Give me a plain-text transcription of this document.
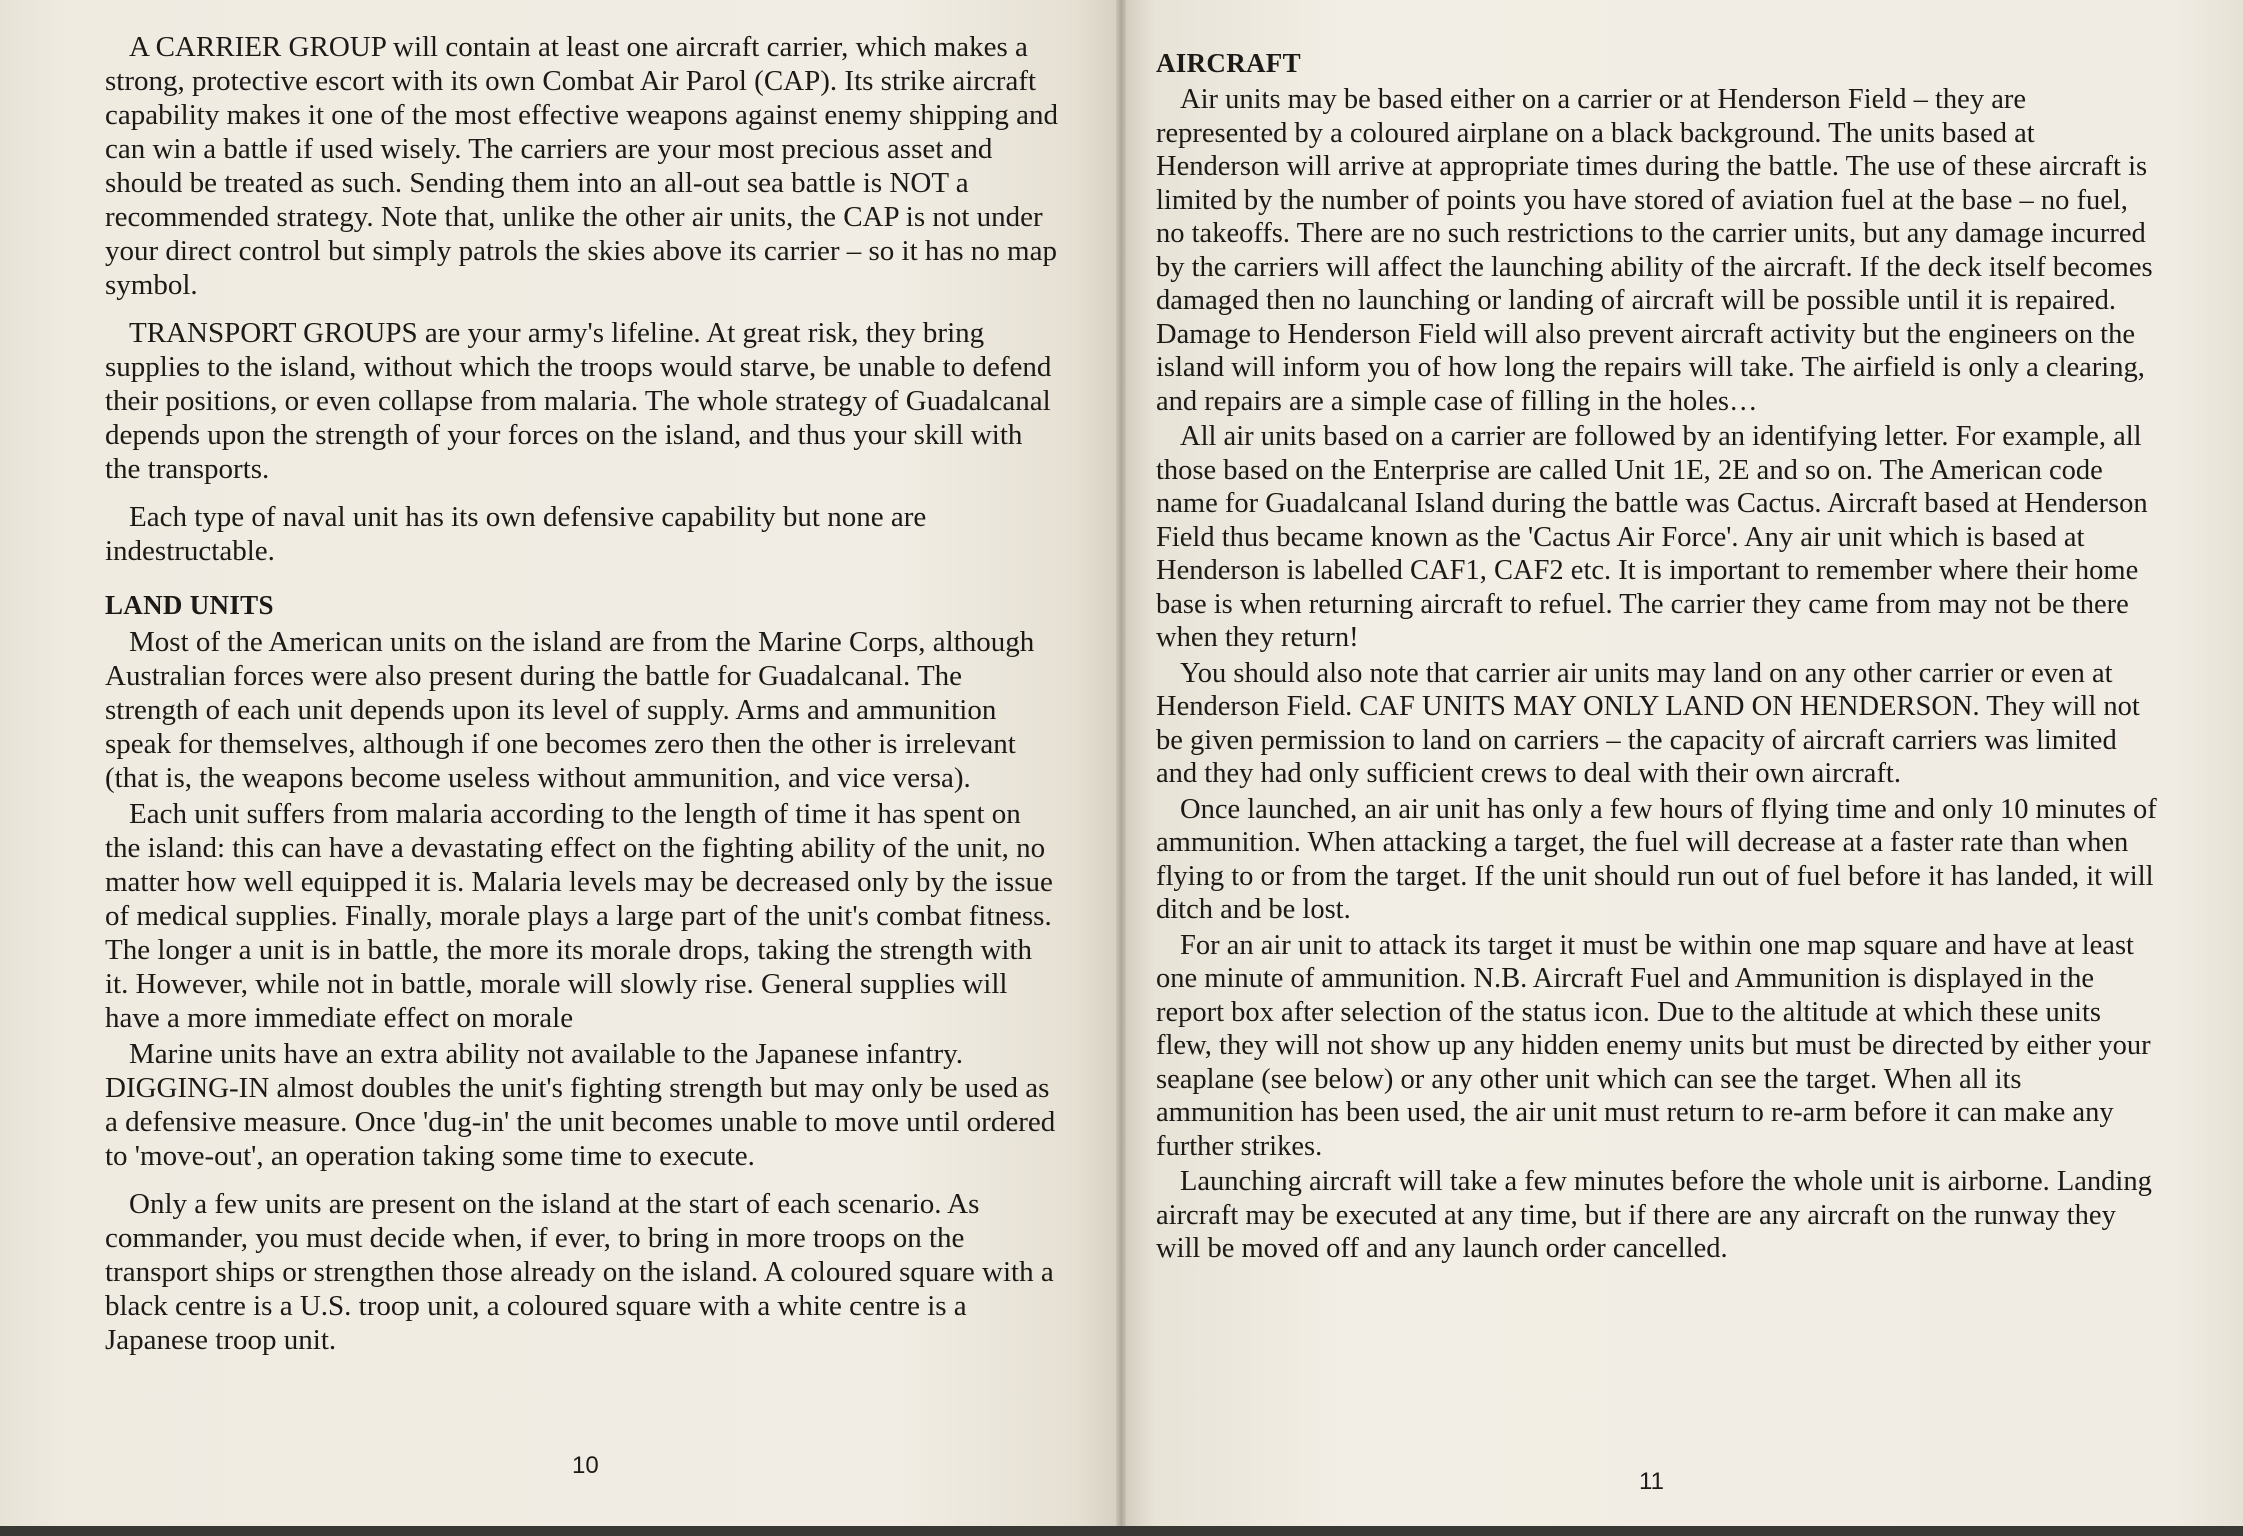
A CARRIER GROUP will contain at least one aircraft carrier, which makes a strong, protective escort with its own Combat Air Parol (CAP). Its strike aircraft capability makes it one of the most effective weapons against enemy shipping and can win a battle if used wisely. The carriers are your most precious asset and should be treated as such. Sending them into an all-out sea battle is NOT a recommended strategy. Note that, unlike the other air units, the CAP is not under your direct control but simply patrols the skies above its carrier – so it has no map symbol.

TRANSPORT GROUPS are your army's lifeline. At great risk, they bring supplies to the island, without which the troops would starve, be unable to defend their positions, or even collapse from malaria. The whole strategy of Guadalcanal depends upon the strength of your forces on the island, and thus your skill with the transports.

Each type of naval unit has its own defensive capability but none are indestructable.

LAND UNITS

Most of the American units on the island are from the Marine Corps, although Australian forces were also present during the battle for Guadalcanal. The strength of each unit depends upon its level of supply. Arms and ammunition speak for themselves, although if one becomes zero then the other is irrelevant (that is, the weapons become useless without ammunition, and vice versa).

Each unit suffers from malaria according to the length of time it has spent on the island: this can have a devastating effect on the fighting ability of the unit, no matter how well equipped it is. Malaria levels may be decreased only by the issue of medical supplies. Finally, morale plays a large part of the unit's combat fitness. The longer a unit is in battle, the more its morale drops, taking the strength with it. However, while not in battle, morale will slowly rise. General supplies will have a more immediate effect on morale

Marine units have an extra ability not available to the Japanese infantry. DIGGING-IN almost doubles the unit's fighting strength but may only be used as a defensive measure. Once 'dug-in' the unit becomes unable to move until ordered to 'move-out', an operation taking some time to execute.

Only a few units are present on the island at the start of each scenario. As commander, you must decide when, if ever, to bring in more troops on the transport ships or strengthen those already on the island. A coloured square with a black centre is a U.S. troop unit, a coloured square with a white centre is a Japanese troop unit.

10
AIRCRAFT

Air units may be based either on a carrier or at Henderson Field – they are represented by a coloured airplane on a black background. The units based at Henderson will arrive at appropriate times during the battle. The use of these aircraft is limited by the number of points you have stored of aviation fuel at the base – no fuel, no takeoffs. There are no such restrictions to the carrier units, but any damage incurred by the carriers will affect the launching ability of the aircraft. If the deck itself becomes damaged then no launching or landing of aircraft will be possible until it is repaired. Damage to Henderson Field will also prevent aircraft activity but the engineers on the island will inform you of how long the repairs will take. The airfield is only a clearing, and repairs are a simple case of filling in the holes…

All air units based on a carrier are followed by an identifying letter. For example, all those based on the Enterprise are called Unit 1E, 2E and so on. The American code name for Guadalcanal Island during the battle was Cactus. Aircraft based at Henderson Field thus became known as the 'Cactus Air Force'. Any air unit which is based at Henderson is labelled CAF1, CAF2 etc. It is important to remember where their home base is when returning aircraft to refuel. The carrier they came from may not be there when they return!

You should also note that carrier air units may land on any other carrier or even at Henderson Field. CAF UNITS MAY ONLY LAND ON HENDERSON. They will not be given permission to land on carriers – the capacity of aircraft carriers was limited and they had only sufficient crews to deal with their own aircraft.

Once launched, an air unit has only a few hours of flying time and only 10 minutes of ammunition. When attacking a target, the fuel will decrease at a faster rate than when flying to or from the target. If the unit should run out of fuel before it has landed, it will ditch and be lost.

For an air unit to attack its target it must be within one map square and have at least one minute of ammunition. N.B. Aircraft Fuel and Ammunition is displayed in the report box after selection of the status icon. Due to the altitude at which these units flew, they will not show up any hidden enemy units but must be directed by either your seaplane (see below) or any other unit which can see the target. When all its ammunition has been used, the air unit must return to re-arm before it can make any further strikes.

Launching aircraft will take a few minutes before the whole unit is airborne. Landing aircraft may be executed at any time, but if there are any aircraft on the runway they will be moved off and any launch order cancelled.

11
